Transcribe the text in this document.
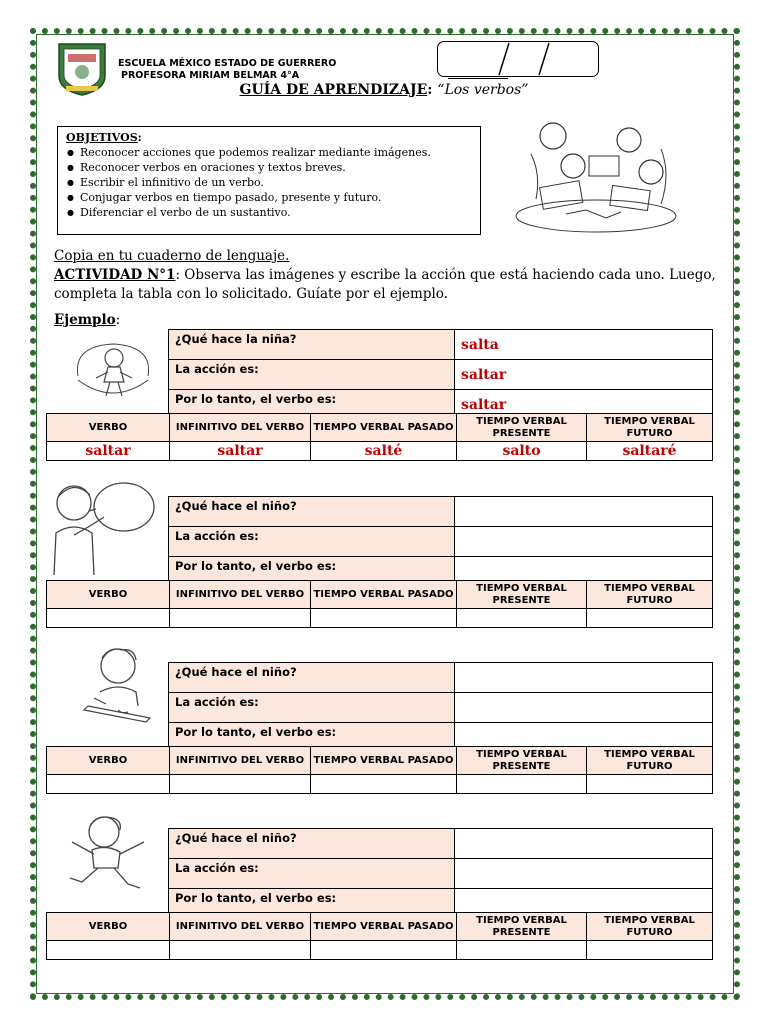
ESCUELA MÉXICO ESTADO DE GUERRERO
PROFESORA MIRIAM BELMAR 4°A
GUÍA DE APRENDIZAJE: “Los verbos”
OBJETIVOS:
● Reconocer acciones que podemos realizar mediante imágenes.
● Reconocer verbos en oraciones y textos breves.
● Escribir el infinitivo de un verbo.
● Conjugar verbos en tiempo pasado, presente y futuro.
● Diferenciar el verbo de un sustantivo.
Copia en tu cuaderno de lenguaje.
ACTIVIDAD N°1: Observa las imágenes y escribe la acción que está haciendo cada uno. Luego, completa la tabla con lo solicitado. Guíate por el ejemplo.
Ejemplo:
¿Qué hace la niña?	salta
La acción es:	saltar
Por lo tanto, el verbo es:	saltar
VERBO	INFINITIVO DEL VERBO	TIEMPO VERBAL PASADO	TIEMPO VERBAL PRESENTE	TIEMPO VERBAL FUTURO
saltar	saltar	salté	salto	saltaré
¿Qué hace el niño?	
La acción es:	
Por lo tanto, el verbo es:	
VERBO	INFINITIVO DEL VERBO	TIEMPO VERBAL PASADO	TIEMPO VERBAL PRESENTE	TIEMPO VERBAL FUTURO

¿Qué hace el niño?	
La acción es:	
Por lo tanto, el verbo es:	
VERBO	INFINITIVO DEL VERBO	TIEMPO VERBAL PASADO	TIEMPO VERBAL PRESENTE	TIEMPO VERBAL FUTURO

¿Qué hace el niño?	
La acción es:	
Por lo tanto, el verbo es:	
VERBO	INFINITIVO DEL VERBO	TIEMPO VERBAL PASADO	TIEMPO VERBAL PRESENTE	TIEMPO VERBAL FUTURO
